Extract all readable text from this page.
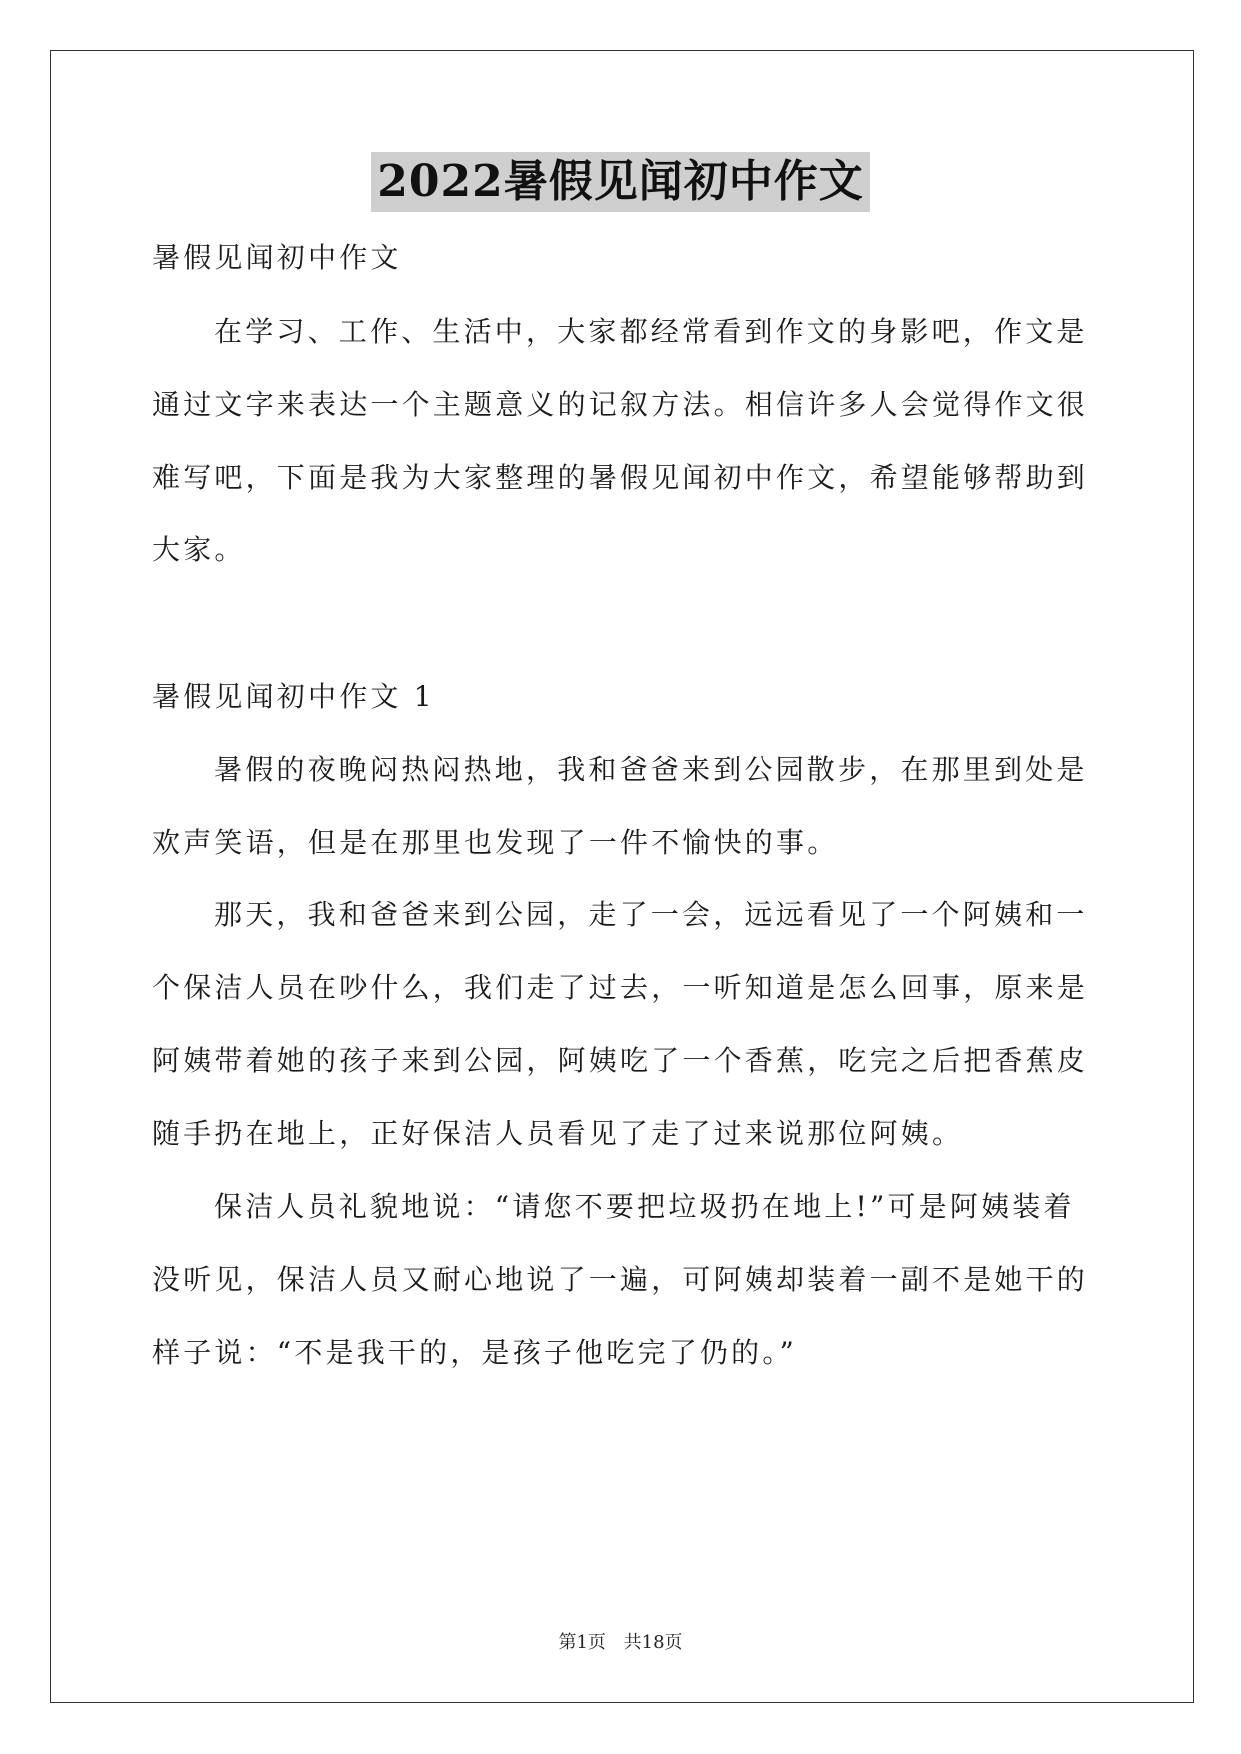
2022暑假见闻初中作文
暑假见闻初中作文
在学习、工作、生活中，大家都经常看到作文的身影吧，作文是
通过文字来表达一个主题意义的记叙方法。相信许多人会觉得作文很
难写吧，下面是我为大家整理的暑假见闻初中作文，希望能够帮助到
大家。
暑假见闻初中作文 1
暑假的夜晚闷热闷热地，我和爸爸来到公园散步，在那里到处是
欢声笑语，但是在那里也发现了一件不愉快的事。
那天，我和爸爸来到公园，走了一会，远远看见了一个阿姨和一
个保洁人员在吵什么，我们走了过去，一听知道是怎么回事，原来是
阿姨带着她的孩子来到公园，阿姨吃了一个香蕉，吃完之后把香蕉皮
随手扔在地上，正好保洁人员看见了走了过来说那位阿姨。
保洁人员礼貌地说：“请您不要把垃圾扔在地上!”可是阿姨装着
没听见，保洁人员又耐心地说了一遍，可阿姨却装着一副不是她干的
样子说：“不是我干的，是孩子他吃完了仍的。”
第1页 共18页
